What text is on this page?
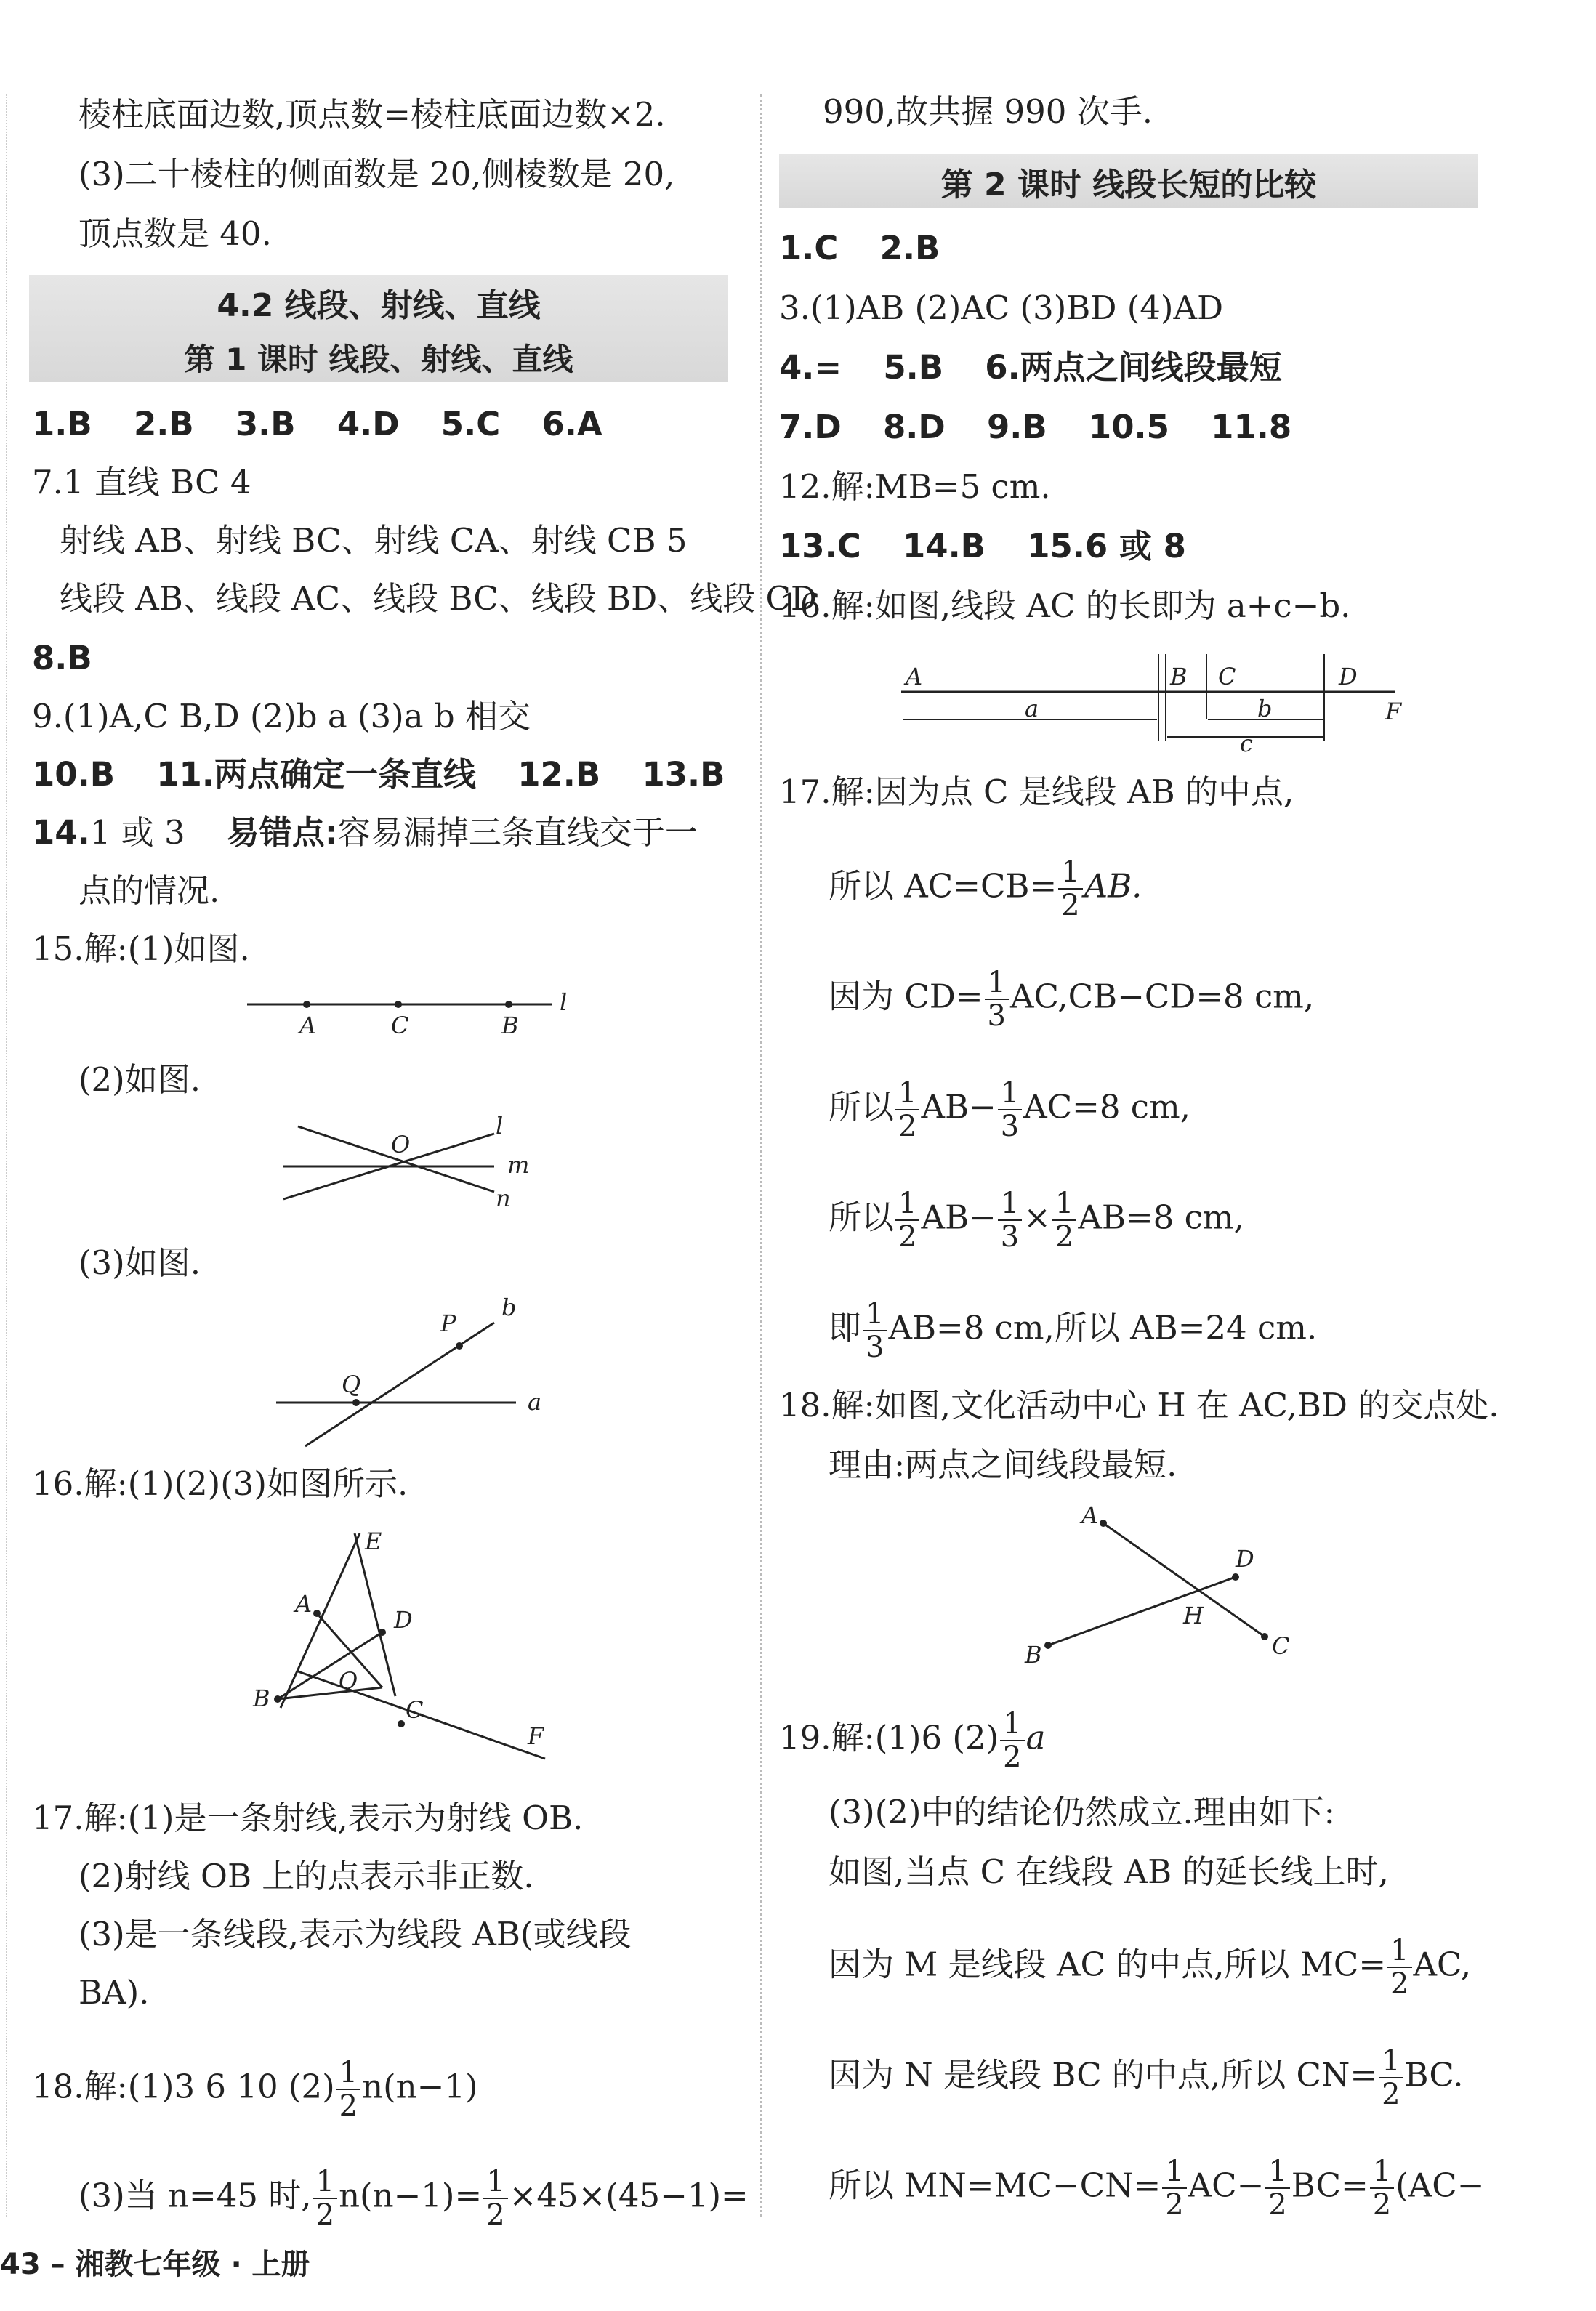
棱柱底面边数,顶点数=棱柱底面边数×2.
(3)二十棱柱的侧面数是 20,侧棱数是 20,
顶点数是 40.
4.2 线段、射线、直线
第 1 课时 线段、射线、直线
1.B 2.B 3.B 4.D 5.C 6.A
7.1 直线 BC 4
射线 AB、射线 BC、射线 CA、射线 CB 5
线段 AB、线段 AC、线段 BC、线段 BD、线段 CD
8.B
9.(1)A,C B,D (2)b a (3)a b 相交
10.B 11.两点确定一条直线 12.B 13.B
14.1 或 3 易错点:容易漏掉三条直线交于一
点的情况.
15.解:(1)如图.
A	C	B
l
(2)如图.
O
l
m
n
(3)如图.
P
Q
b
a
16.解:(1)(2)(3)如图所示.
E
A
D
B
O
C
F
17.解:(1)是一条射线,表示为射线 OB.
(2)射线 OB 上的点表示非正数.
(3)是一条线段,表示为线段 AB(或线段
BA).
18.解:(1)3 6 10 $(2) \frac{1}{2} n(n-1)$
(3)当 n=45 时, $\frac{1}{2} n(n-1)= \frac{1}{2} \times 45\times(45-1)=$
990,故共握 990 次手.
第 2 课时 线段长短的比较
1.C 2.B
3.(1)AB (2)AC (3)BD (4)AD
4.= 5.B 6.两点之间线段最短
7.D 8.D 9.B 10.5 11.8
12.解:MB=5 cm.
13.C 14.B 15.6 或 8
16.解:如图,线段 AC 的长即为 a+c−b.
A	B C	D
F
a	b
c
17.解:因为点 C 是线段 AB 的中点,
所以 $AC=CB= \frac{1}{2}$ AB.
因为 $CD= \frac{1}{3} AC,CB-CD=8$ cm,
所以 $\frac{1}{2} AB- \frac{1}{3} AC=8$ cm,
所以 $\frac{1}{2} AB- \frac{1}{3} \times \frac{1}{2} AB=8$ cm,
即 $\frac{1}{3} AB=8$ cm,所以 AB=24 cm.
18.解:如图,文化活动中心 H 在 AC,BD 的交点处.
理由:两点之间线段最短.
A
D
H
B	C
19.解:(1)6 $(2) \frac{1}{2}$ a
(3)(2)中的结论仍然成立.理由如下:
如图,当点 C 在线段 AB 的延长线上时,
因为 M 是线段 AC 的中点,所以 $MC= \frac{1}{2}$ AC,
因为 N 是线段 BC 的中点,所以 $CN= \frac{1}{2}$ BC.
所以 $MN=MC-CN= \frac{1}{2} AC- \frac{1}{2} BC= \frac{1}{2} (AC-$
43 – 湘教七年级 · 上册
